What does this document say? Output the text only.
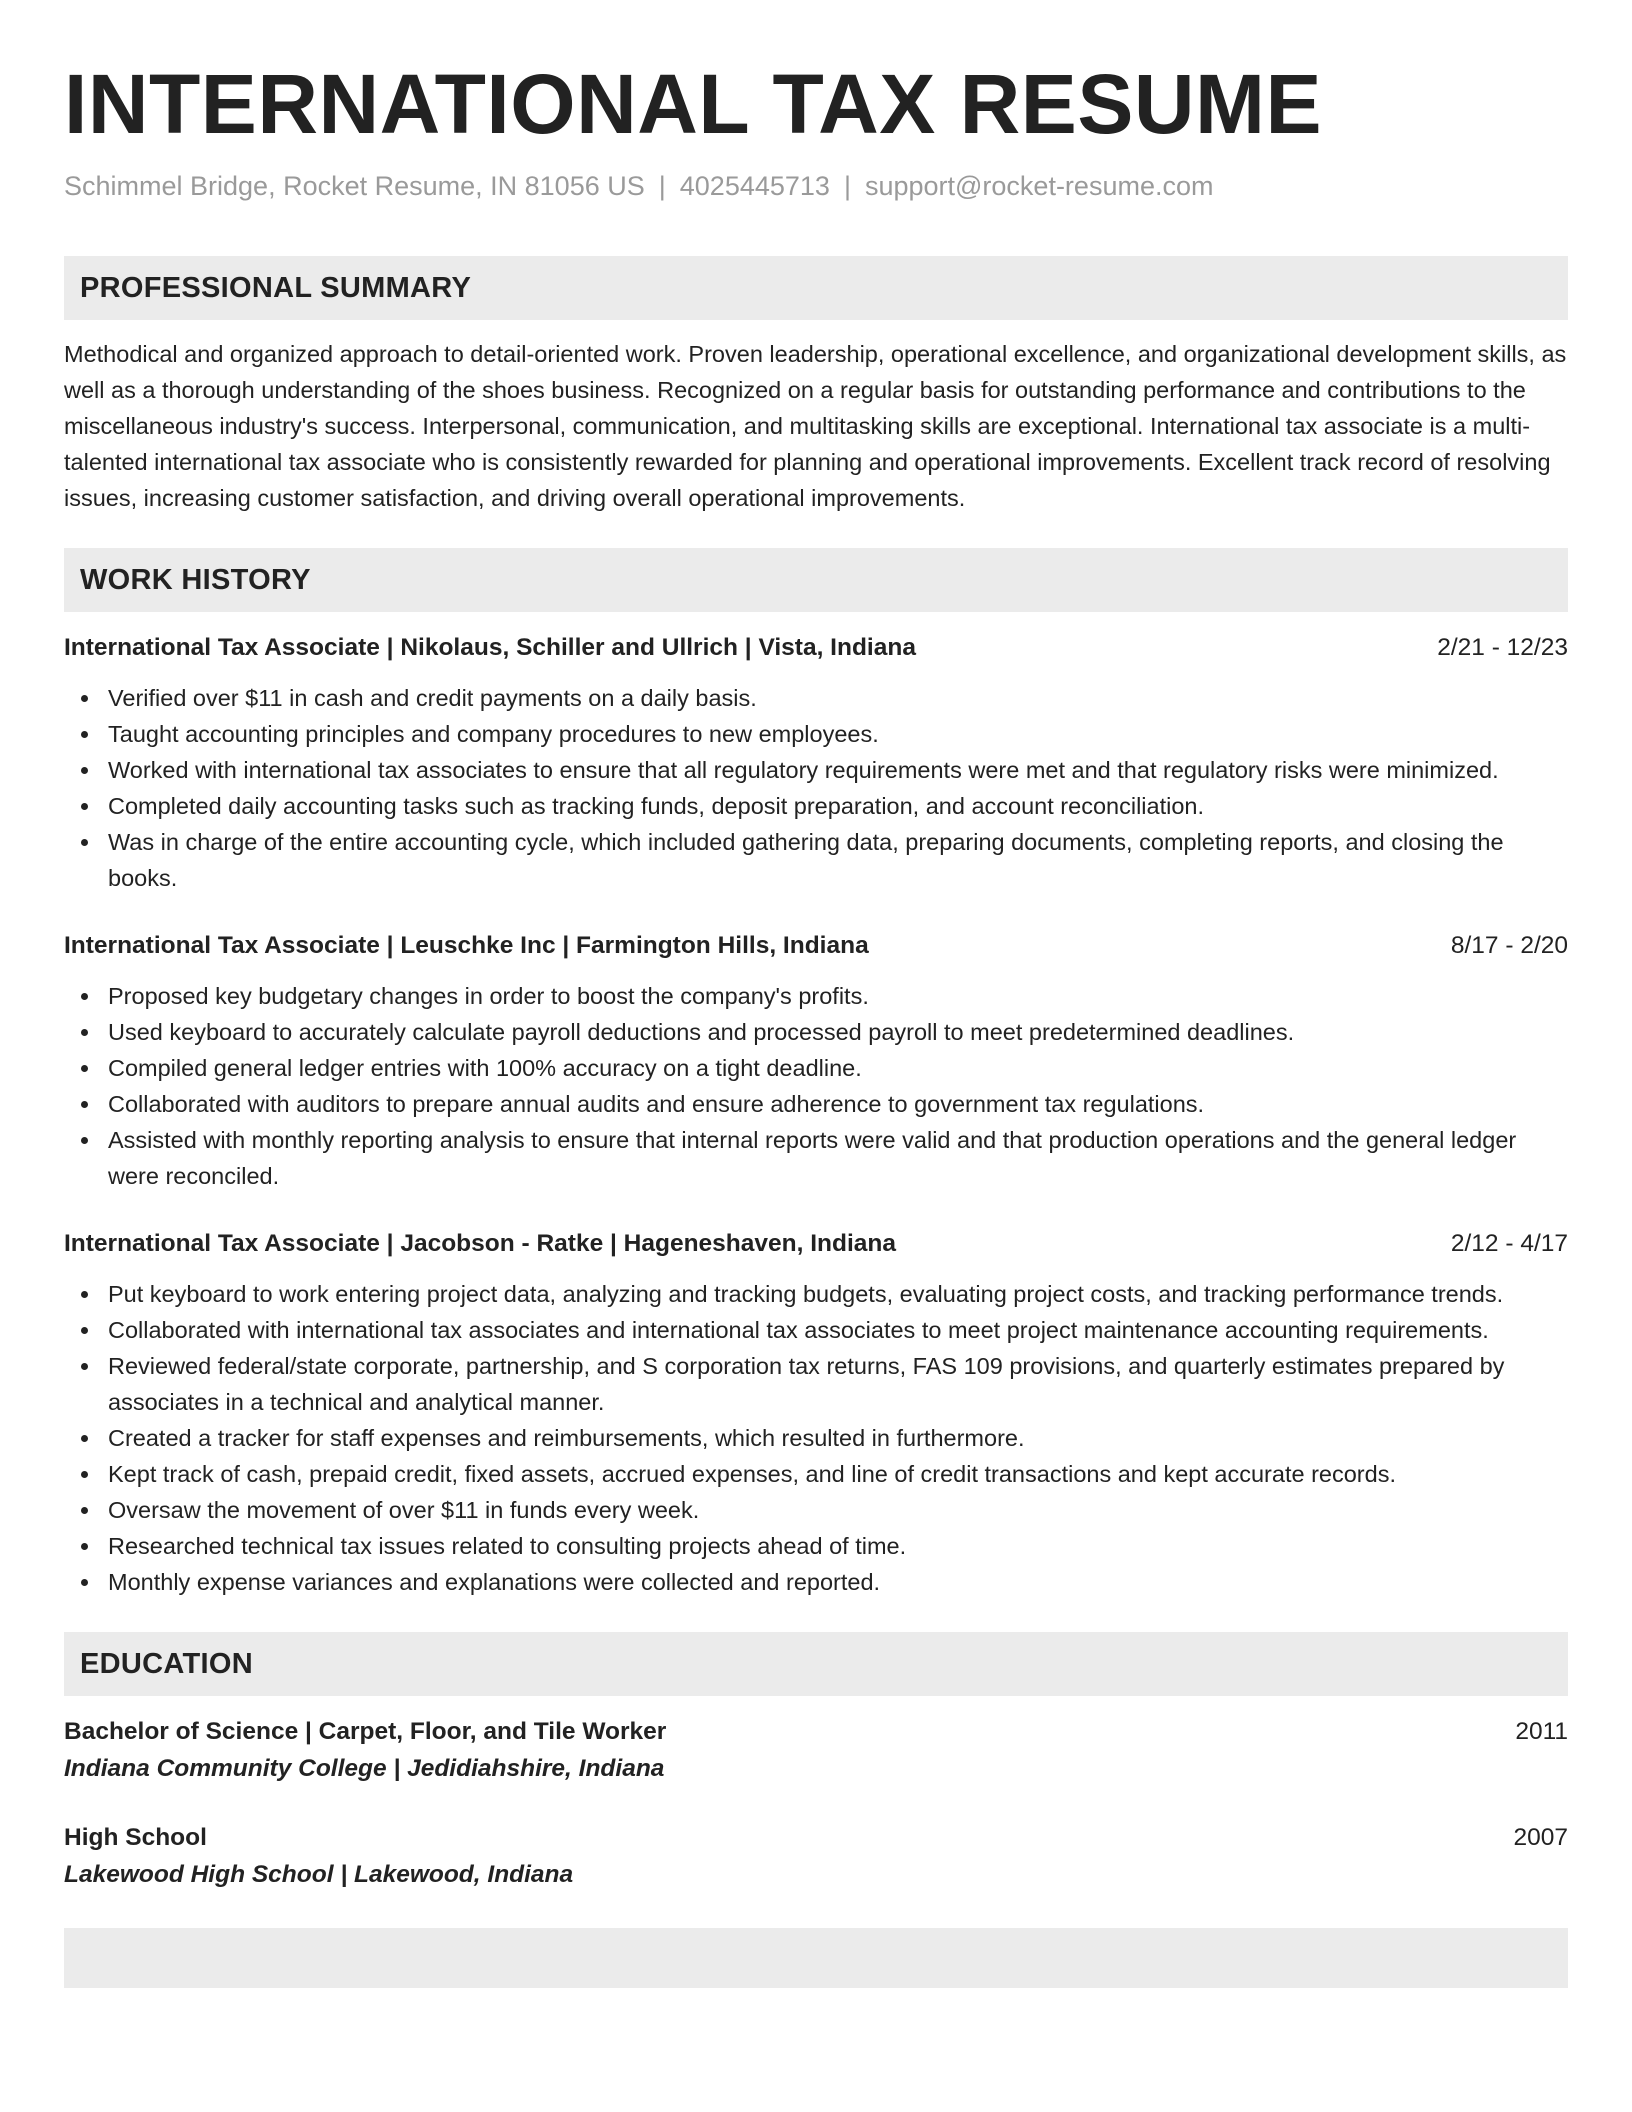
INTERNATIONAL TAX RESUME
Schimmel Bridge, Rocket Resume, IN 81056 US | 4025445713 | support@rocket-resume.com
PROFESSIONAL SUMMARY

Methodical and organized approach to detail-oriented work. Proven leadership, operational excellence, and organizational development skills, as well as a thorough understanding of the shoes business. Recognized on a regular basis for outstanding performance and contributions to the miscellaneous industry's success. Interpersonal, communication, and multitasking skills are exceptional. International tax associate is a multi-talented international tax associate who is consistently rewarded for planning and operational improvements. Excellent track record of resolving issues, increasing customer satisfaction, and driving overall operational improvements.

WORK HISTORY
International Tax Associate | Nikolaus, Schiller and Ullrich | Vista, Indiana	2/21 - 12/23
Verified over $11 in cash and credit payments on a daily basis.
Taught accounting principles and company procedures to new employees.
Worked with international tax associates to ensure that all regulatory requirements were met and that regulatory risks were minimized.
Completed daily accounting tasks such as tracking funds, deposit preparation, and account reconciliation.
Was in charge of the entire accounting cycle, which included gathering data, preparing documents, completing reports, and closing the books.
International Tax Associate | Leuschke Inc | Farmington Hills, Indiana	8/17 - 2/20
Proposed key budgetary changes in order to boost the company's profits.
Used keyboard to accurately calculate payroll deductions and processed payroll to meet predetermined deadlines.
Compiled general ledger entries with 100% accuracy on a tight deadline.
Collaborated with auditors to prepare annual audits and ensure adherence to government tax regulations.
Assisted with monthly reporting analysis to ensure that internal reports were valid and that production operations and the general ledger were reconciled.
International Tax Associate | Jacobson - Ratke | Hageneshaven, Indiana	2/12 - 4/17
Put keyboard to work entering project data, analyzing and tracking budgets, evaluating project costs, and tracking performance trends.
Collaborated with international tax associates and international tax associates to meet project maintenance accounting requirements.
Reviewed federal/state corporate, partnership, and S corporation tax returns, FAS 109 provisions, and quarterly estimates prepared by associates in a technical and analytical manner.
Created a tracker for staff expenses and reimbursements, which resulted in furthermore.
Kept track of cash, prepaid credit, fixed assets, accrued expenses, and line of credit transactions and kept accurate records.
Oversaw the movement of over $11 in funds every week.
Researched technical tax issues related to consulting projects ahead of time.
Monthly expense variances and explanations were collected and reported.
EDUCATION
Bachelor of Science | Carpet, Floor, and Tile Worker	2011
Indiana Community College | Jedidiahshire, Indiana
High School	2007
Lakewood High School | Lakewood, Indiana
